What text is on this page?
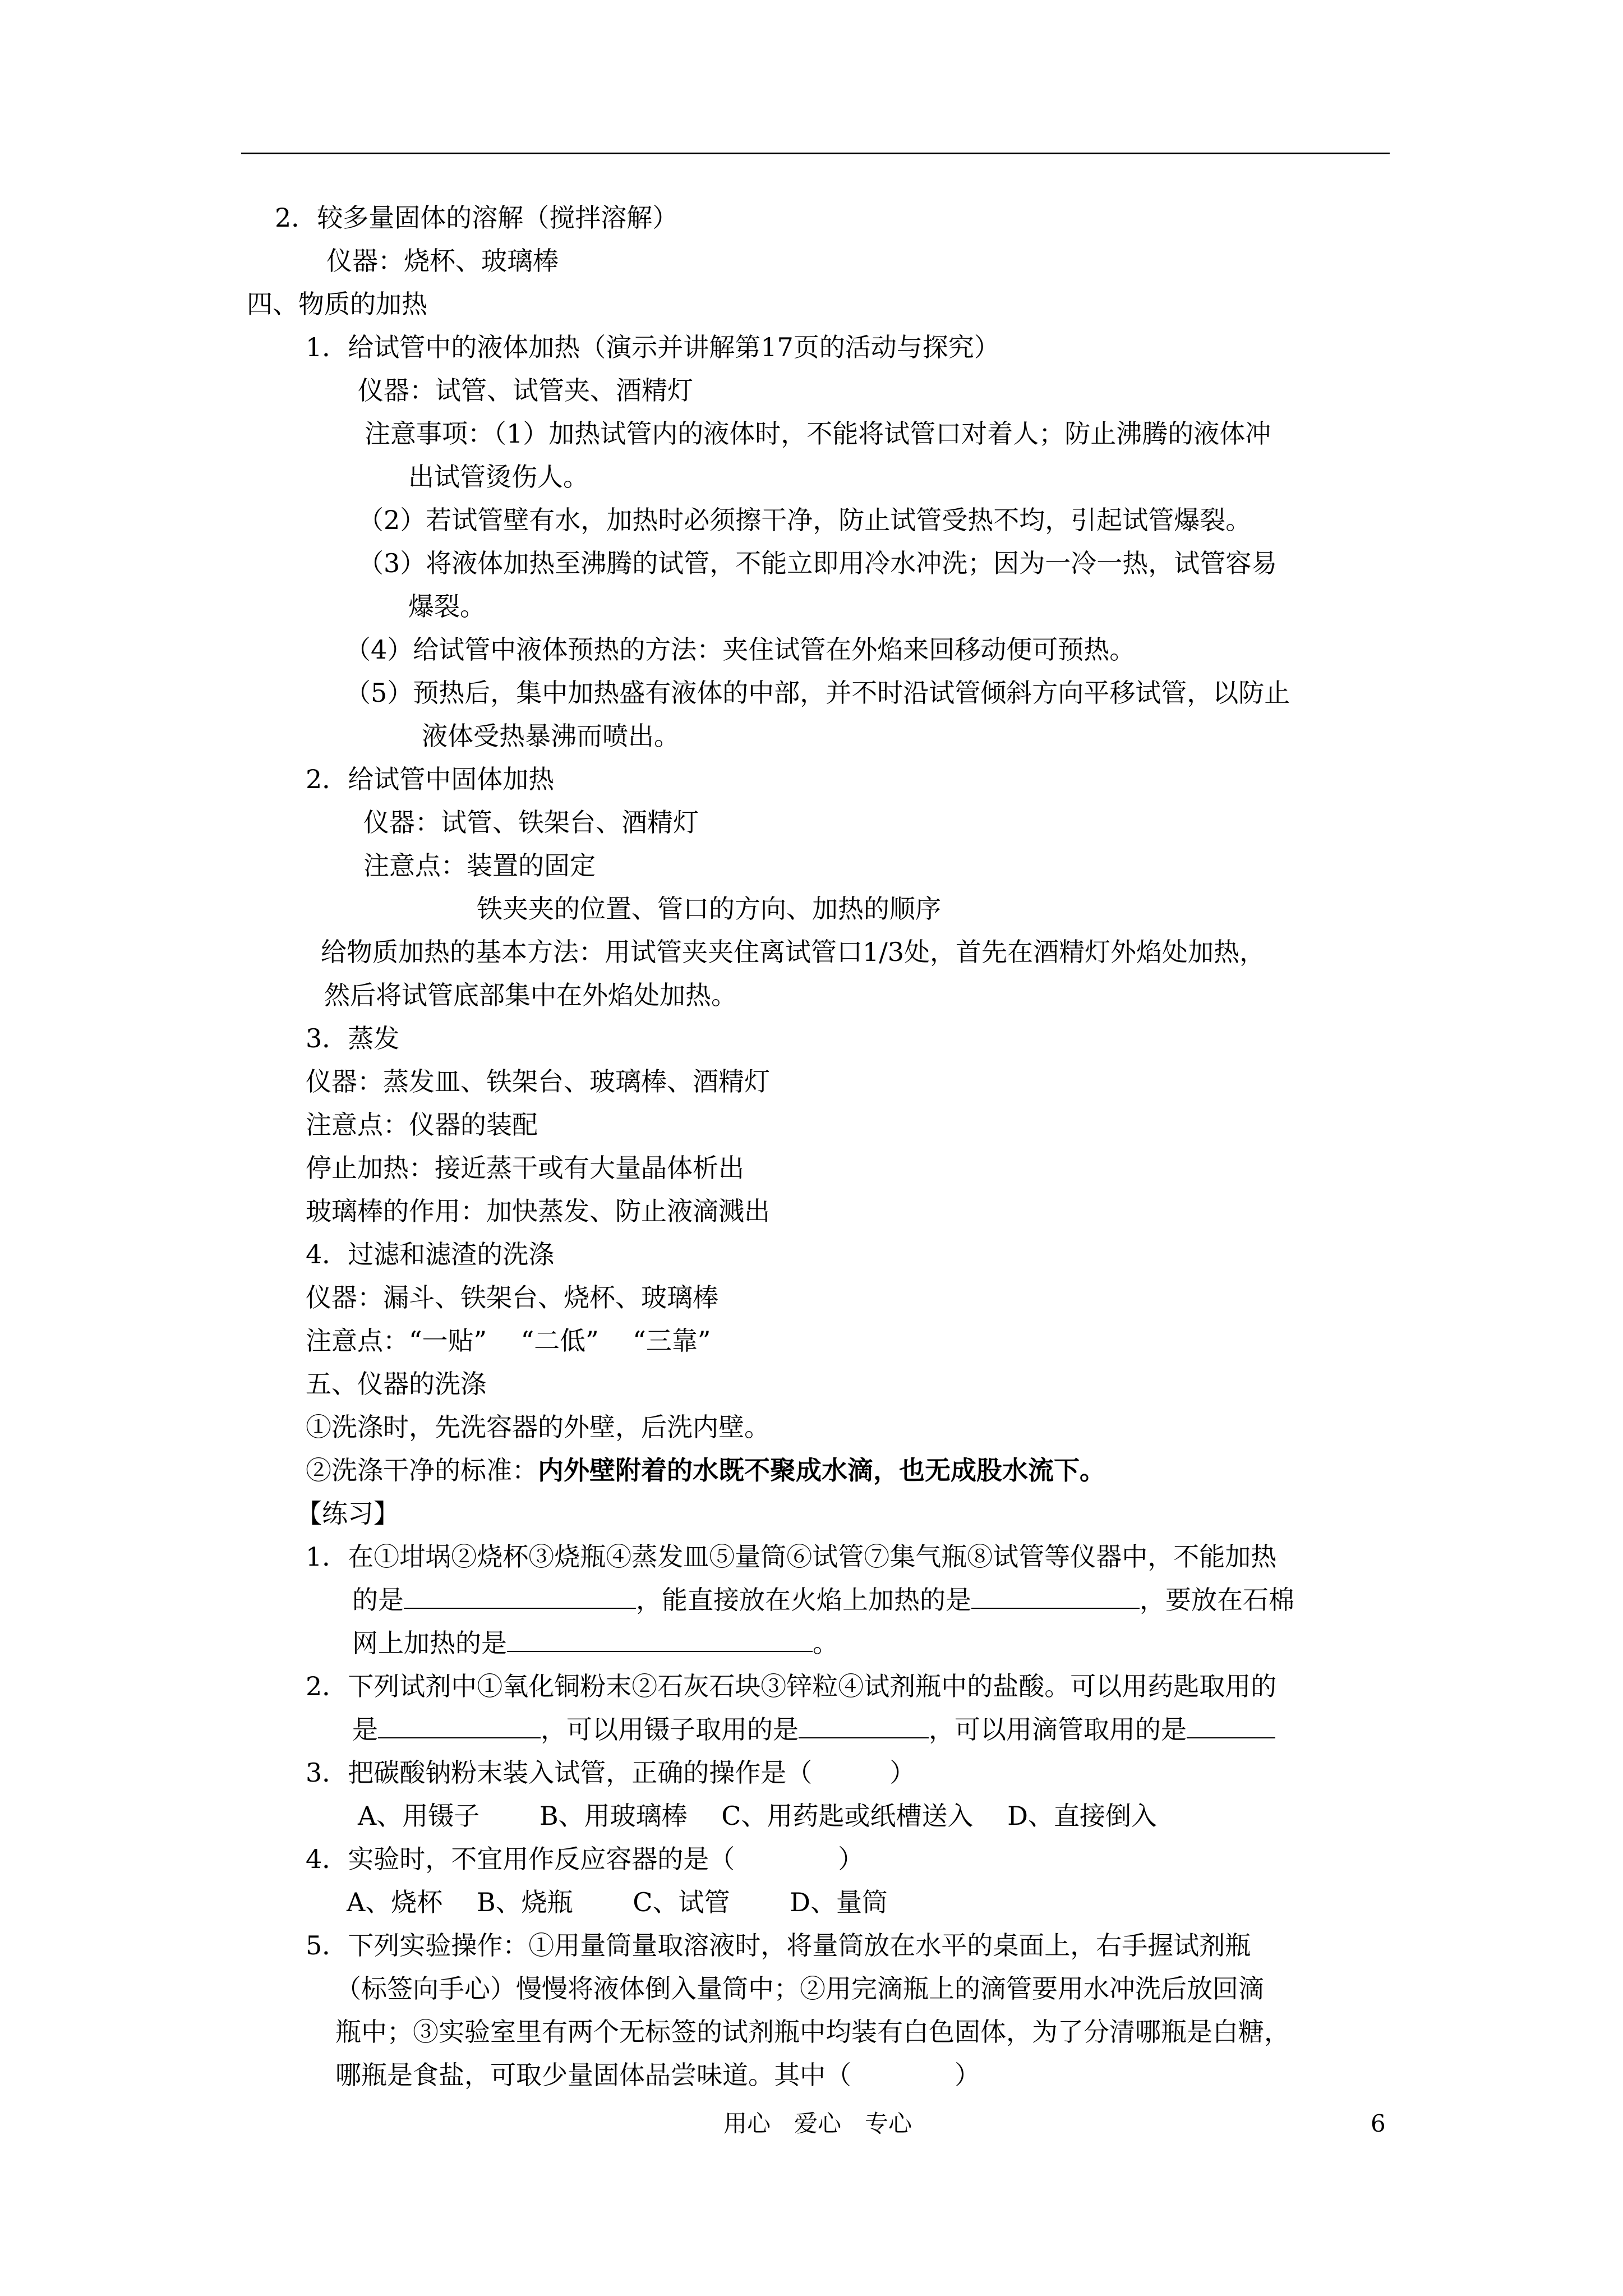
2．较多量固体的溶解（搅拌溶解）
仪器：烧杯、玻璃棒
四、物质的加热
1．给试管中的液体加热（演示并讲解第17页的活动与探究）
仪器：试管、试管夹、酒精灯
注意事项：（1）加热试管内的液体时，不能将试管口对着人；防止沸腾的液体冲
出试管烫伤人。
（2）若试管壁有水，加热时必须擦干净，防止试管受热不均，引起试管爆裂。
（3）将液体加热至沸腾的试管，不能立即用冷水冲洗；因为一冷一热，试管容易
爆裂。
（4）给试管中液体预热的方法：夹住试管在外焰来回移动便可预热。
（5）预热后，集中加热盛有液体的中部，并不时沿试管倾斜方向平移试管，以防止
液体受热暴沸而喷出。
2．给试管中固体加热
仪器：试管、铁架台、酒精灯
注意点：装置的固定
铁夹夹的位置、管口的方向、加热的顺序
给物质加热的基本方法：用试管夹夹住离试管口1/3处，首先在酒精灯外焰处加热，
然后将试管底部集中在外焰处加热。
3．蒸发
仪器：蒸发皿、铁架台、玻璃棒、酒精灯
注意点：仪器的装配
停止加热：接近蒸干或有大量晶体析出
玻璃棒的作用：加快蒸发、防止液滴溅出
4．过滤和滤渣的洗涤
仪器：漏斗、铁架台、烧杯、玻璃棒
注意点：“一贴”　 “二低”　 “三靠”
五、仪器的洗涤
①洗涤时，先洗容器的外壁，后洗内壁。
②洗涤干净的标准：内外壁附着的水既不聚成水滴，也无成股水流下。
【练习】
1．在①坩埚②烧杯③烧瓶④蒸发皿⑤量筒⑥试管⑦集气瓶⑧试管等仪器中，不能加热
的是	，能直接放在火焰上加热的是	，要放在石棉
网上加热的是	。
2．下列试剂中①氧化铜粉末②石灰石块③锌粒④试剂瓶中的盐酸。可以用药匙取用的
是	，可以用镊子取用的是	，可以用滴管取用的是
3．把碳酸钠粉末装入试管，正确的操作是（　　　）
A、用镊子　　 B、用玻璃棒　 C、用药匙或纸槽送入　 D、直接倒入
4．实验时，不宜用作反应容器的是（　　　　）
A、烧杯　 B、烧瓶　　 C、试管　　 D、量筒
5．下列实验操作：①用量筒量取溶液时，将量筒放在水平的桌面上，右手握试剂瓶
（标签向手心）慢慢将液体倒入量筒中；②用完滴瓶上的滴管要用水冲洗后放回滴
瓶中；③实验室里有两个无标签的试剂瓶中均装有白色固体，为了分清哪瓶是白糖，
哪瓶是食盐，可取少量固体品尝味道。其中（　　　　）
用心　爱心　专心	6
